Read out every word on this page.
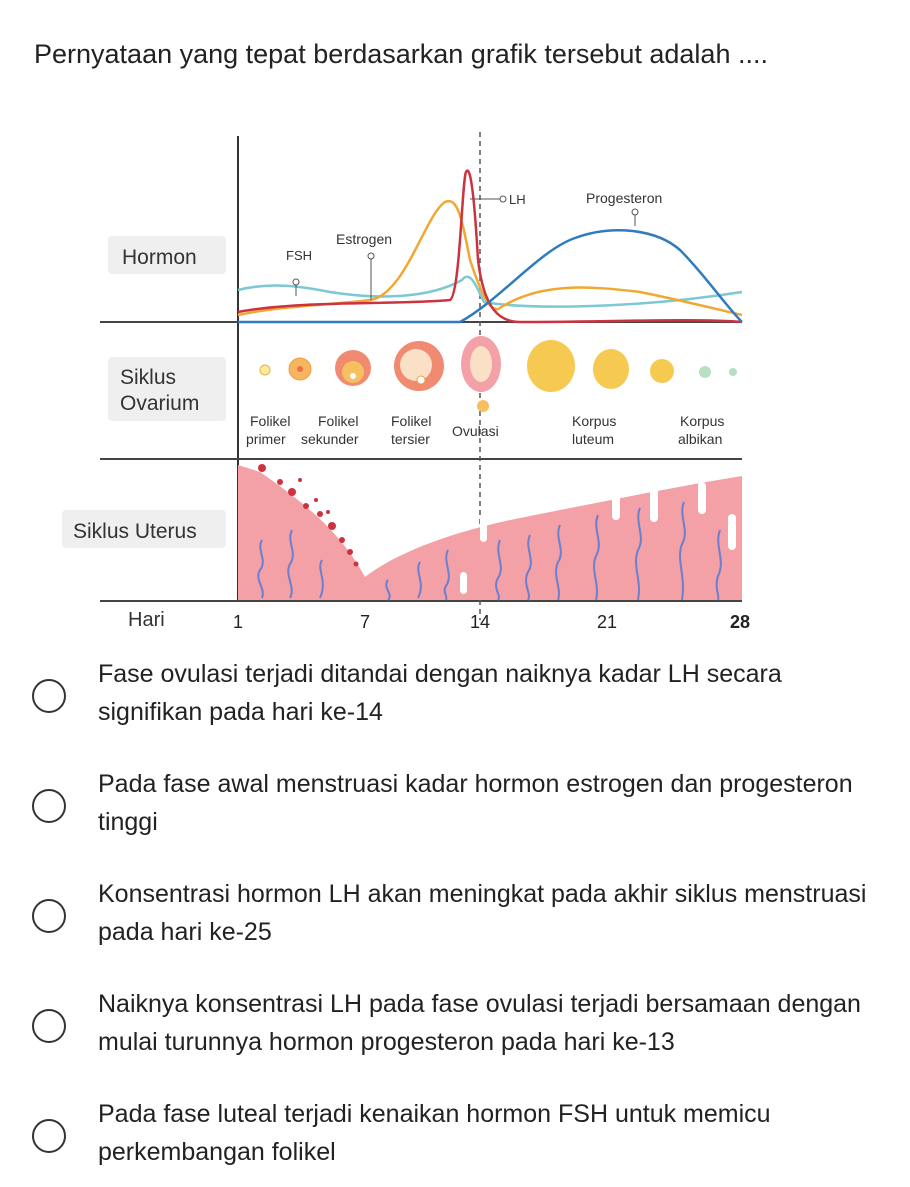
Pernyataan yang tepat berdasarkan grafik tersebut adalah ....
Hormon
Siklus Ovarium
Siklus Uterus
Hari	1	7	14	21	28
FSH
Estrogen
LH	Progesteron
Folikel primer
Folikel sekunder
Folikel tersier Ovulasi
Korpus luteum
Korpus albikan
Fase ovulasi terjadi ditandai dengan naiknya kadar LH secara signifikan pada hari ke-14
Pada fase awal menstruasi kadar hormon estrogen dan progesteron tinggi
Konsentrasi hormon LH akan meningkat pada akhir siklus menstruasi pada hari ke-25
Naiknya konsentrasi LH pada fase ovulasi terjadi bersamaan dengan mulai turunnya hormon progesteron pada hari ke-13
Pada fase luteal terjadi kenaikan hormon FSH untuk memicu perkembangan folikel
